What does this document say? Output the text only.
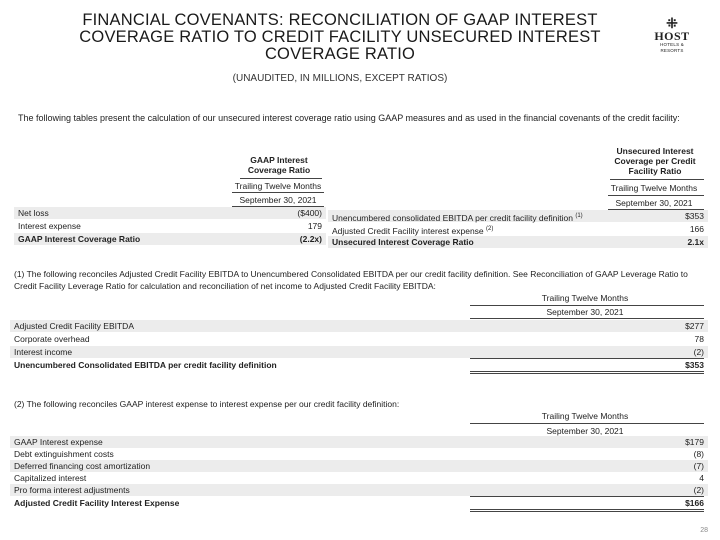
FINANCIAL COVENANTS: RECONCILIATION OF GAAP INTEREST
COVERAGE RATIO TO CREDIT FACILITY UNSECURED INTEREST
COVERAGE RATIO
(UNAUDITED, IN MILLIONS, EXCEPT RATIOS)
⁜
HOST
HOTELS & RESORTS
The following tables present the calculation of our unsecured interest coverage ratio using GAAP measures and as used in the financial covenants of the credit facility:
GAAP Interest Coverage Ratio
Trailing Twelve Months
September 30, 2021
Net loss	($400)
Interest expense	179
GAAP Interest Coverage Ratio	(2.2x)
Unsecured Interest Coverage per Credit Facility Ratio
Trailing Twelve Months
September 30, 2021
Unencumbered consolidated EBITDA per credit facility definition $^{(1)}$	$353
Adjusted Credit Facility interest expense $^{(2)}$	166
Unsecured Interest Coverage Ratio	2.1x
(1) The following reconciles Adjusted Credit Facility EBITDA to Unencumbered Consolidated EBITDA per our credit facility definition. See Reconciliation of GAAP Leverage Ratio to Credit Facility Leverage Ratio for calculation and reconciliation of net income to Adjusted Credit Facility EBITDA:
Trailing Twelve Months
September 30, 2021
Adjusted Credit Facility EBITDA	$277
Corporate overhead	78
Interest income	(2)
Unencumbered Consolidated EBITDA per credit facility definition	$353
(2) The following reconciles GAAP interest expense to interest expense per our credit facility definition:
Trailing Twelve Months
September 30, 2021
GAAP Interest expense	$179
Debt extinguishment costs	(8)
Deferred financing cost amortization	(7)
Capitalized interest	4
Pro forma interest adjustments	(2)
Adjusted Credit Facility Interest Expense	$166
28
